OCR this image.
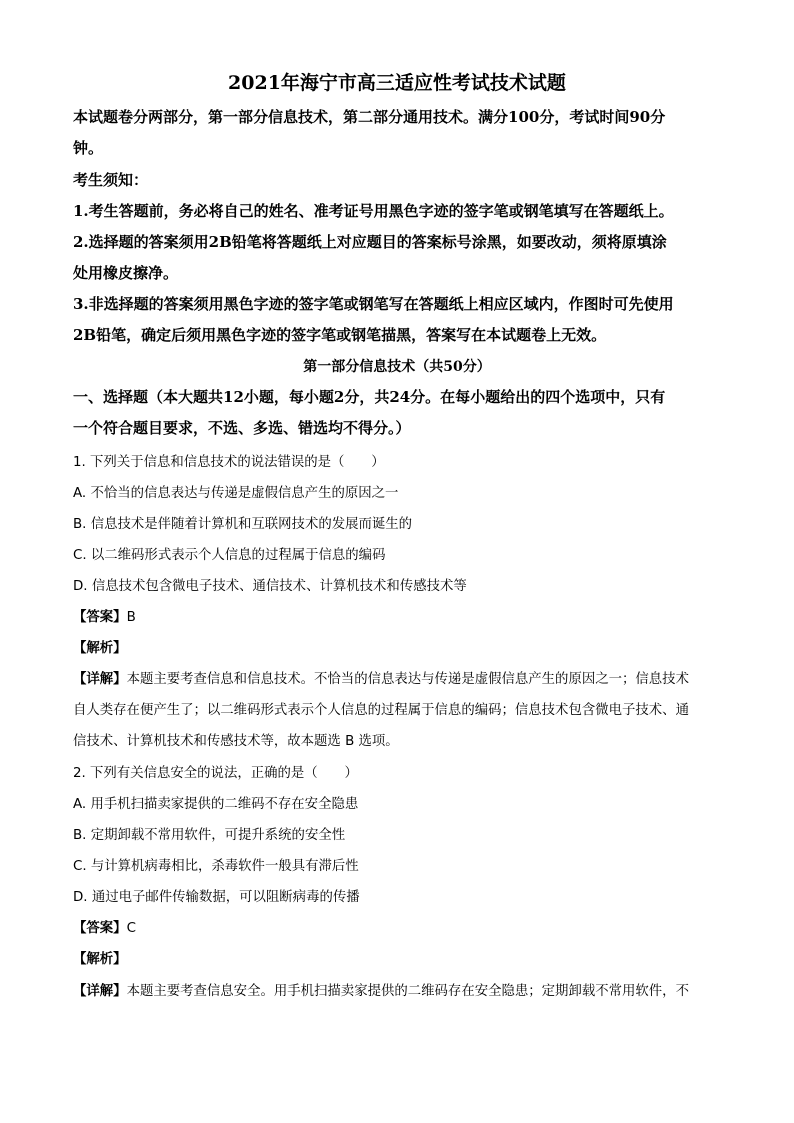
2021年海宁市高三适应性考试技术试题
本试题卷分两部分，第一部分信息技术，第二部分通用技术。满分100分，考试时间90分
钟。
考生须知：
1.考生答题前，务必将自己的姓名、准考证号用黑色字迹的签字笔或钢笔填写在答题纸上。
2.选择题的答案须用2B铅笔将答题纸上对应题目的答案标号涂黑，如要改动，须将原填涂
处用橡皮擦净。
3.非选择题的答案须用黑色字迹的签字笔或钢笔写在答题纸上相应区域内，作图时可先使用
2B铅笔，确定后须用黑色字迹的签字笔或钢笔描黑，答案写在本试题卷上无效。
第一部分信息技术（共50分）
一、选择题（本大题共12小题，每小题2分，共24分。在每小题给出的四个选项中，只有
一个符合题目要求，不选、多选、错选均不得分。）
1. 下列关于信息和信息技术的说法错误的是（　　）
A. 不恰当的信息表达与传递是虚假信息产生的原因之一
B. 信息技术是伴随着计算机和互联网技术的发展而诞生的
C. 以二维码形式表示个人信息的过程属于信息的编码
D. 信息技术包含微电子技术、通信技术、计算机技术和传感技术等
【答案】B
【解析】
【详解】本题主要考查信息和信息技术。不恰当的信息表达与传递是虚假信息产生的原因之一；信息技术
自人类存在便产生了；以二维码形式表示个人信息的过程属于信息的编码；信息技术包含微电子技术、通
信技术、计算机技术和传感技术等，故本题选 B 选项。
2. 下列有关信息安全的说法，正确的是（　　）
A. 用手机扫描卖家提供的二维码不存在安全隐患
B. 定期卸载不常用软件，可提升系统的安全性
C. 与计算机病毒相比，杀毒软件一般具有滞后性
D. 通过电子邮件传输数据，可以阻断病毒的传播
【答案】C
【解析】
【详解】本题主要考查信息安全。用手机扫描卖家提供的二维码存在安全隐患；定期卸载不常用软件，不
